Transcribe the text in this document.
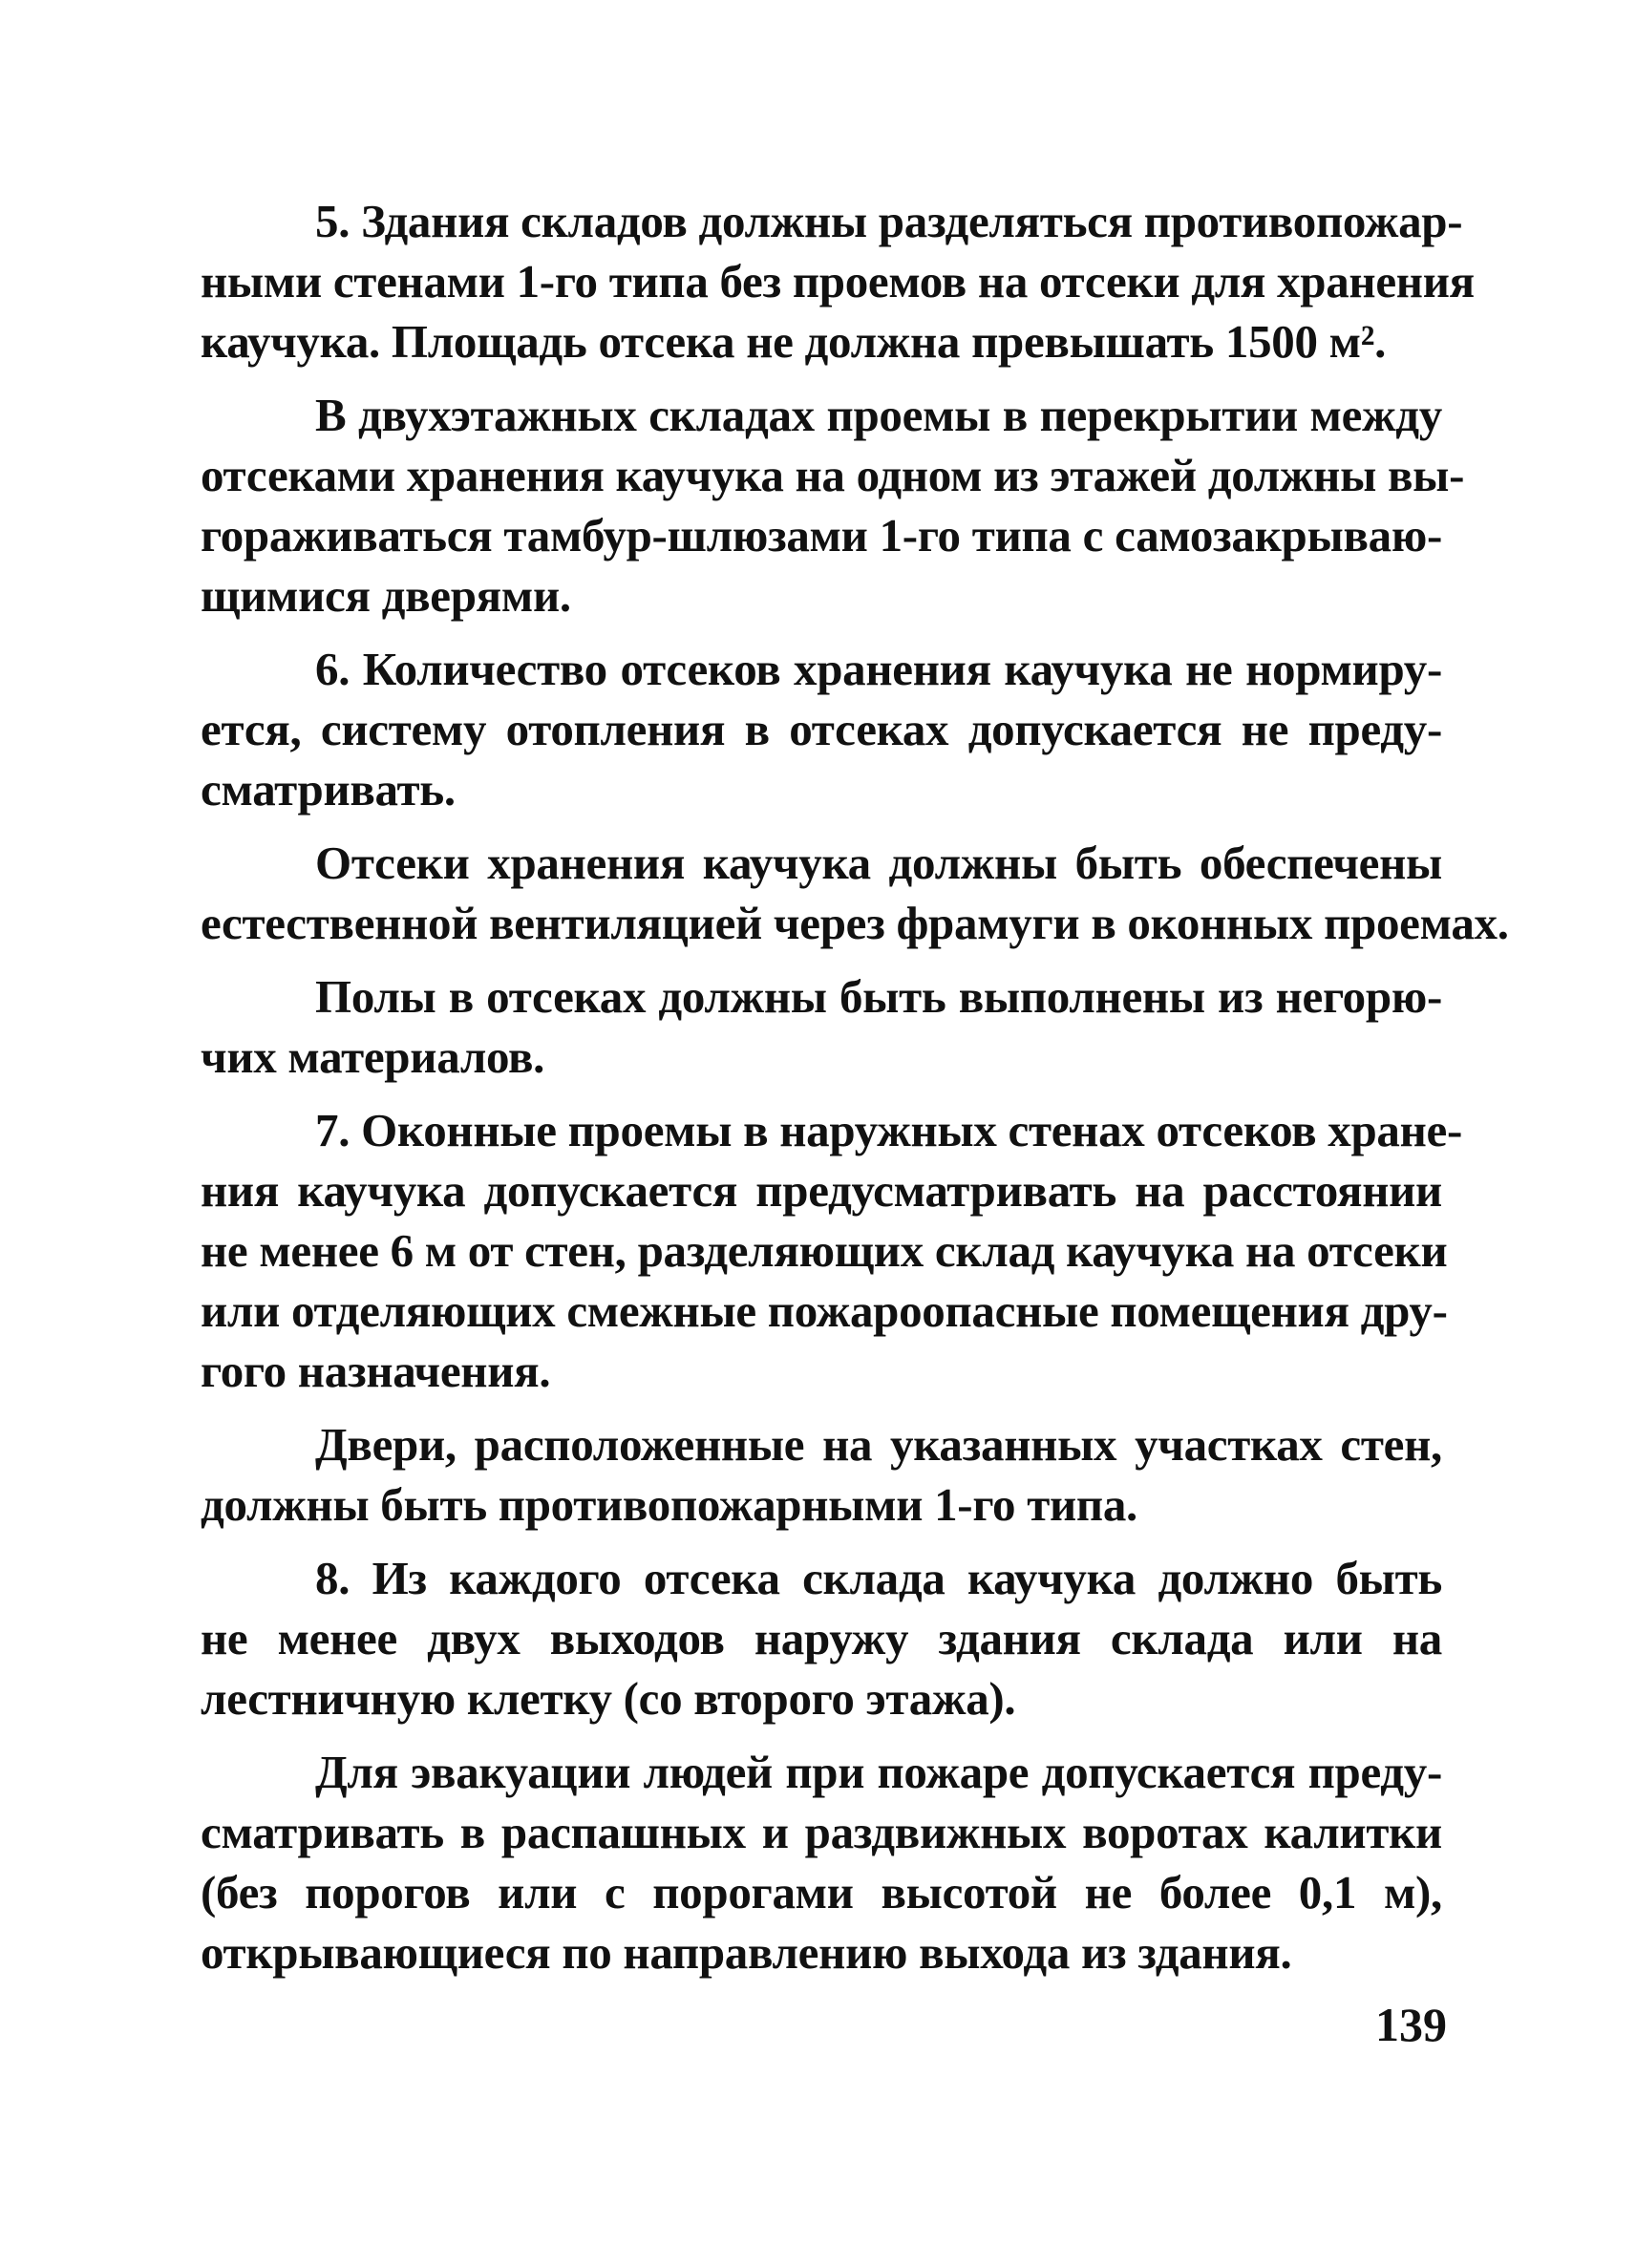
5. Здания складов должны разделяться противопожар-
ными стенами 1-го типа без проемов на отсеки для хранения
каучука. Площадь отсека не должна превышать 1500 м².
В двухэтажных складах проемы в перекрытии между
отсеками хранения каучука на одном из этажей должны вы-
гораживаться тамбур-шлюзами 1-го типа с самозакрываю-
щимися дверями.
6. Количество отсеков хранения каучука не нормиру-
ется, систему отопления в отсеках допускается не преду-
сматривать.
Отсеки хранения каучука должны быть обеспечены
естественной вентиляцией через фрамуги в оконных проемах.
Полы в отсеках должны быть выполнены из негорю-
чих материалов.
7. Оконные проемы в наружных стенах отсеков хране-
ния каучука допускается предусматривать на расстоянии
не менее 6 м от стен, разделяющих склад каучука на отсеки
или отделяющих смежные пожароопасные помещения дру-
гого назначения.
Двери, расположенные на указанных участках стен,
должны быть противопожарными 1-го типа.
8. Из каждого отсека склада каучука должно быть
не менее двух выходов наружу здания склада или на
лестничную клетку (со второго этажа).
Для эвакуации людей при пожаре допускается преду-
сматривать в распашных и раздвижных воротах калитки
(без порогов или с порогами высотой не более 0,1 м),
открывающиеся по направлению выхода из здания.
139
